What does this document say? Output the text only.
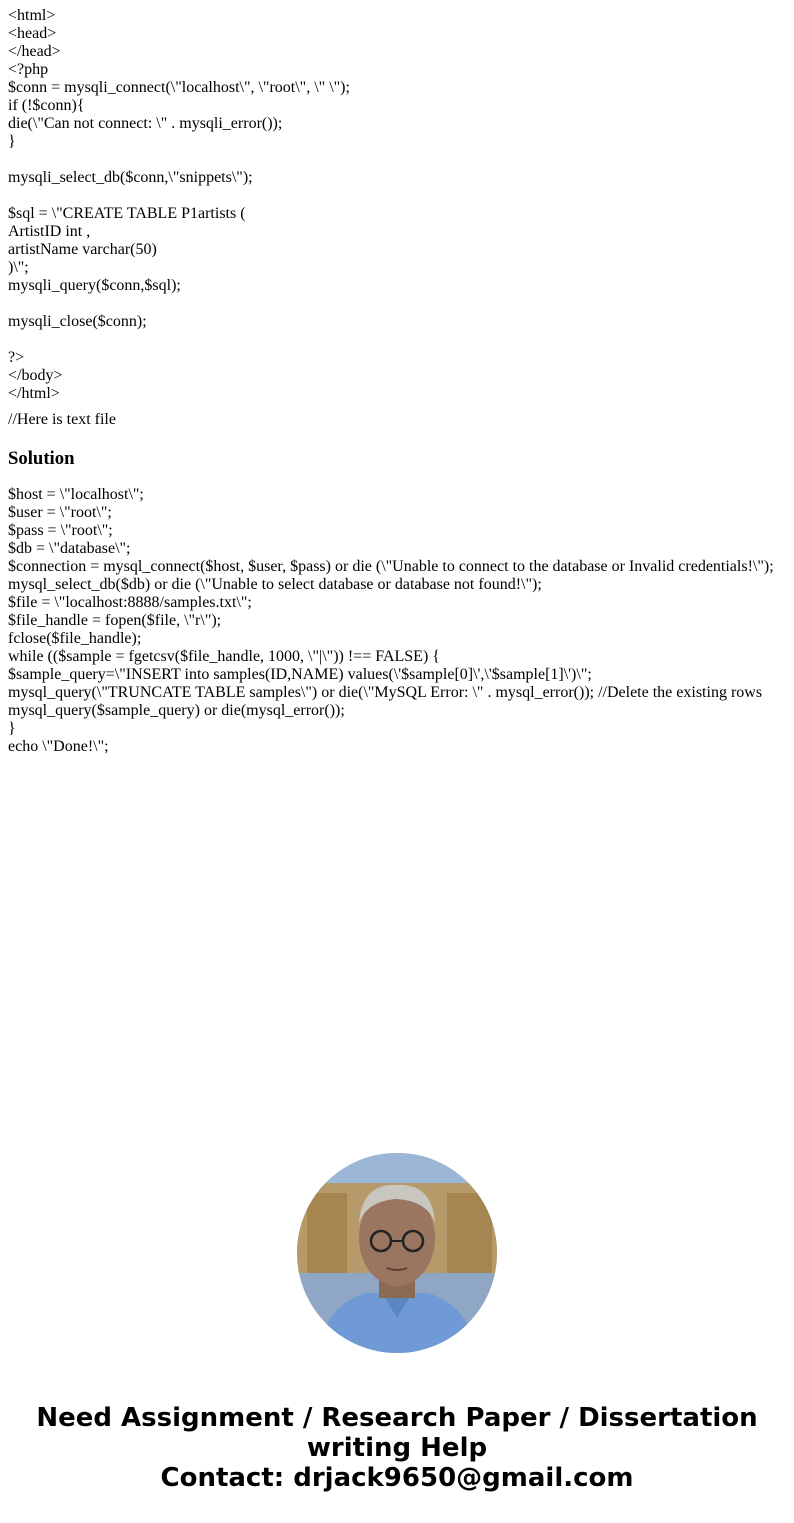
<html>
<head>
</head>
<?php
$conn = mysqli_connect(\"localhost\", \"root\", \" \");
if (!$conn){
die(\"Can not connect: \" . mysqli_error());
}
mysqli_select_db($conn,\"snippets\");
$sql = \"CREATE TABLE P1artists (
ArtistID int ,
artistName varchar(50)
)\";
mysqli_query($conn,$sql);
mysqli_close($conn);
?>
</body>
</html>
//Here is text file
Solution
$host = \"localhost\";
$user = \"root\";
$pass = \"root\";
$db = \"database\";
$connection = mysql_connect($host, $user, $pass) or die (\"Unable to connect to the database or Invalid credentials!\");
mysql_select_db($db) or die (\"Unable to select database or database not found!\");
$file = \"localhost:8888/samples.txt\";
$file_handle = fopen($file, \"r\");
fclose($file_handle);
while (($sample = fgetcsv($file_handle, 1000, \"|\")) !== FALSE) {
$sample_query=\"INSERT into samples(ID,NAME) values(\'$sample[0]\',\'$sample[1]\')\";
mysql_query(\"TRUNCATE TABLE samples\") or die(\"MySQL Error: \" . mysql_error()); //Delete the existing rows
mysql_query($sample_query) or die(mysql_error());
}
echo \"Done!\";
Need Assignment / Research Paper / Dissertation
writing Help
Contact: drjack9650@gmail.com
